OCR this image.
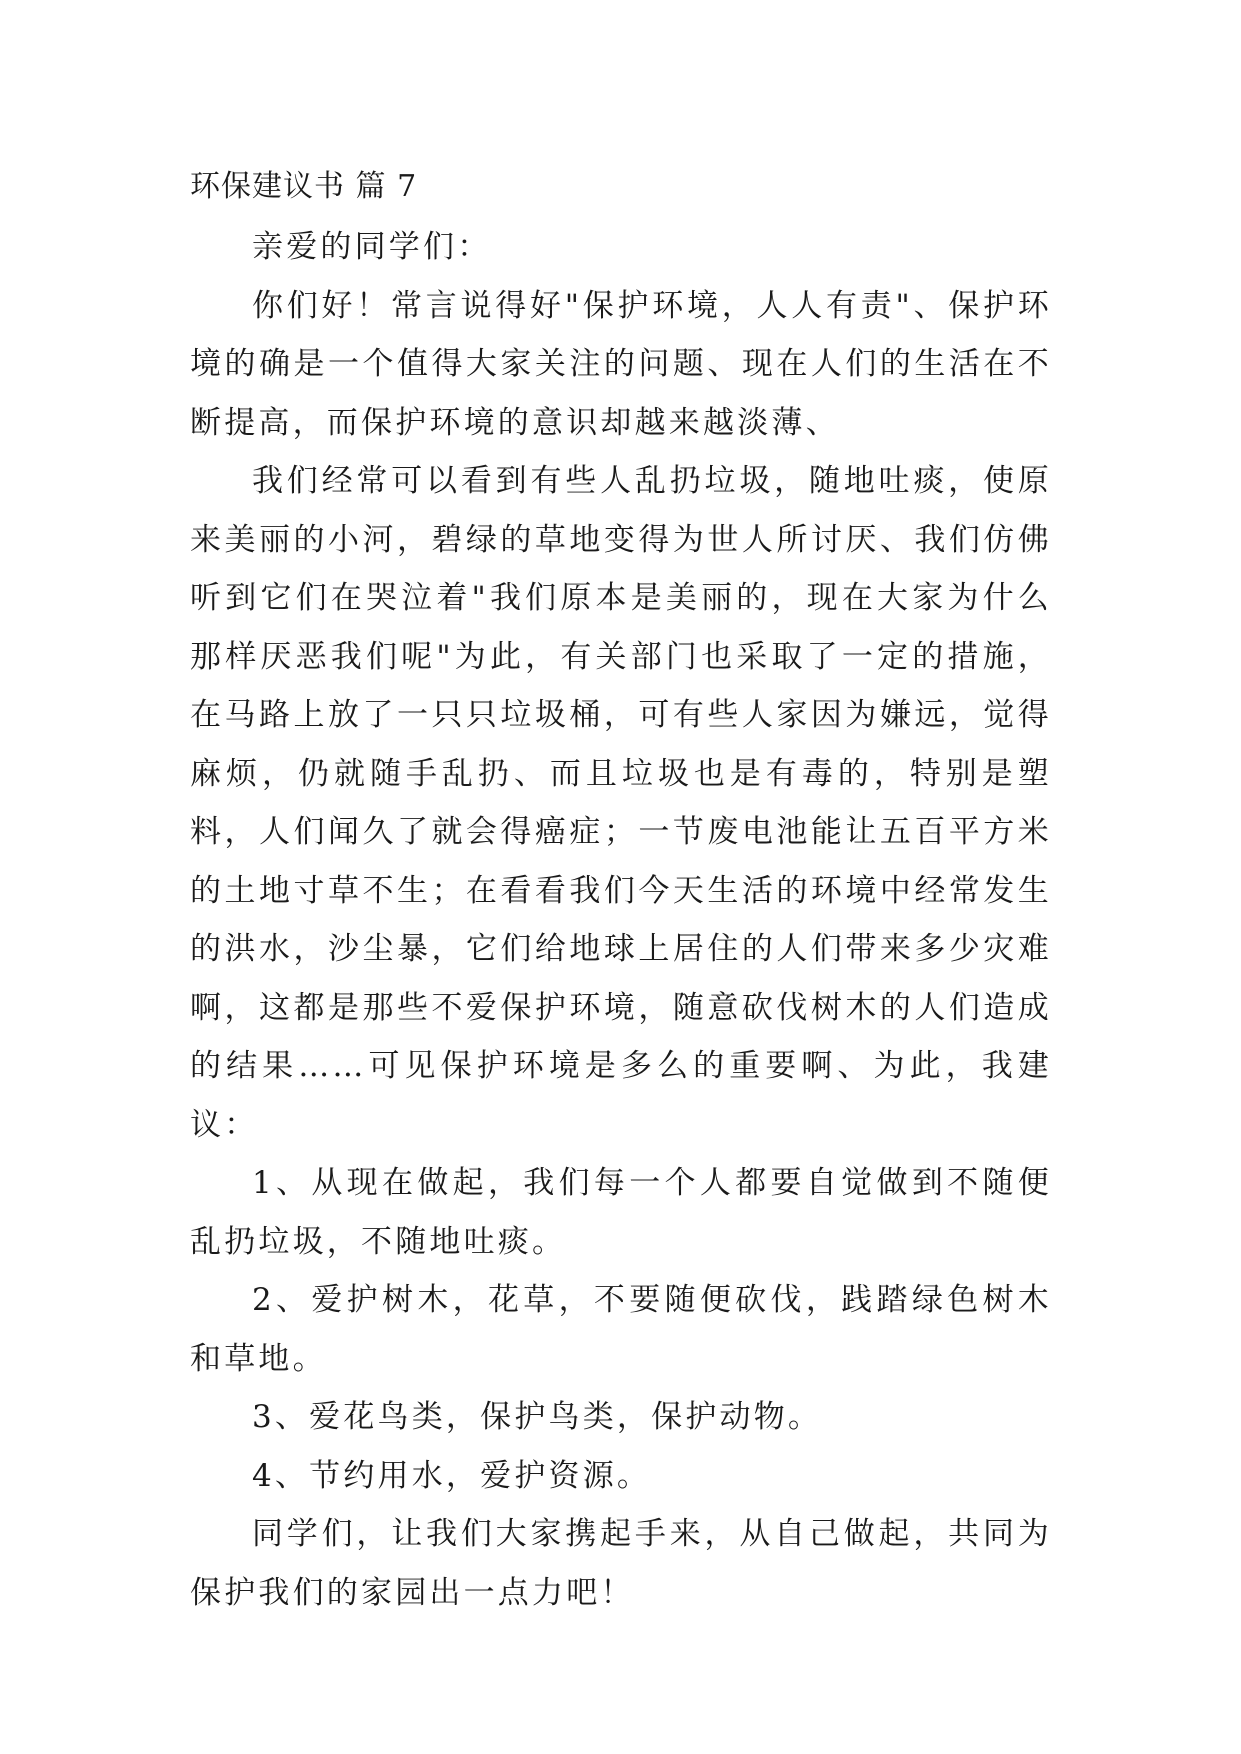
环保建议书 篇 7

亲爱的同学们：

你们好！常言说得好"保护环境，人人有责"、保护环境的确是一个值得大家关注的问题、现在人们的生活在不断提高，而保护环境的意识却越来越淡薄、

我们经常可以看到有些人乱扔垃圾，随地吐痰，使原来美丽的小河，碧绿的草地变得为世人所讨厌、我们仿佛听到它们在哭泣着"我们原本是美丽的，现在大家为什么那样厌恶我们呢"为此，有关部门也采取了一定的措施，在马路上放了一只只垃圾桶，可有些人家因为嫌远，觉得麻烦，仍就随手乱扔、而且垃圾也是有毒的，特别是塑料，人们闻久了就会得癌症；一节废电池能让五百平方米的土地寸草不生；在看看我们今天生活的环境中经常发生的洪水，沙尘暴，它们给地球上居住的人们带来多少灾难啊，这都是那些不爱保护环境，随意砍伐树木的人们造成的结果……可见保护环境是多么的重要啊、为此，我建议：

1、从现在做起，我们每一个人都要自觉做到不随便乱扔垃圾，不随地吐痰。

2、爱护树木，花草，不要随便砍伐，践踏绿色树木和草地。

3、爱花鸟类，保护鸟类，保护动物。

4、节约用水，爱护资源。

同学们，让我们大家携起手来，从自己做起，共同为保护我们的家园出一点力吧！
